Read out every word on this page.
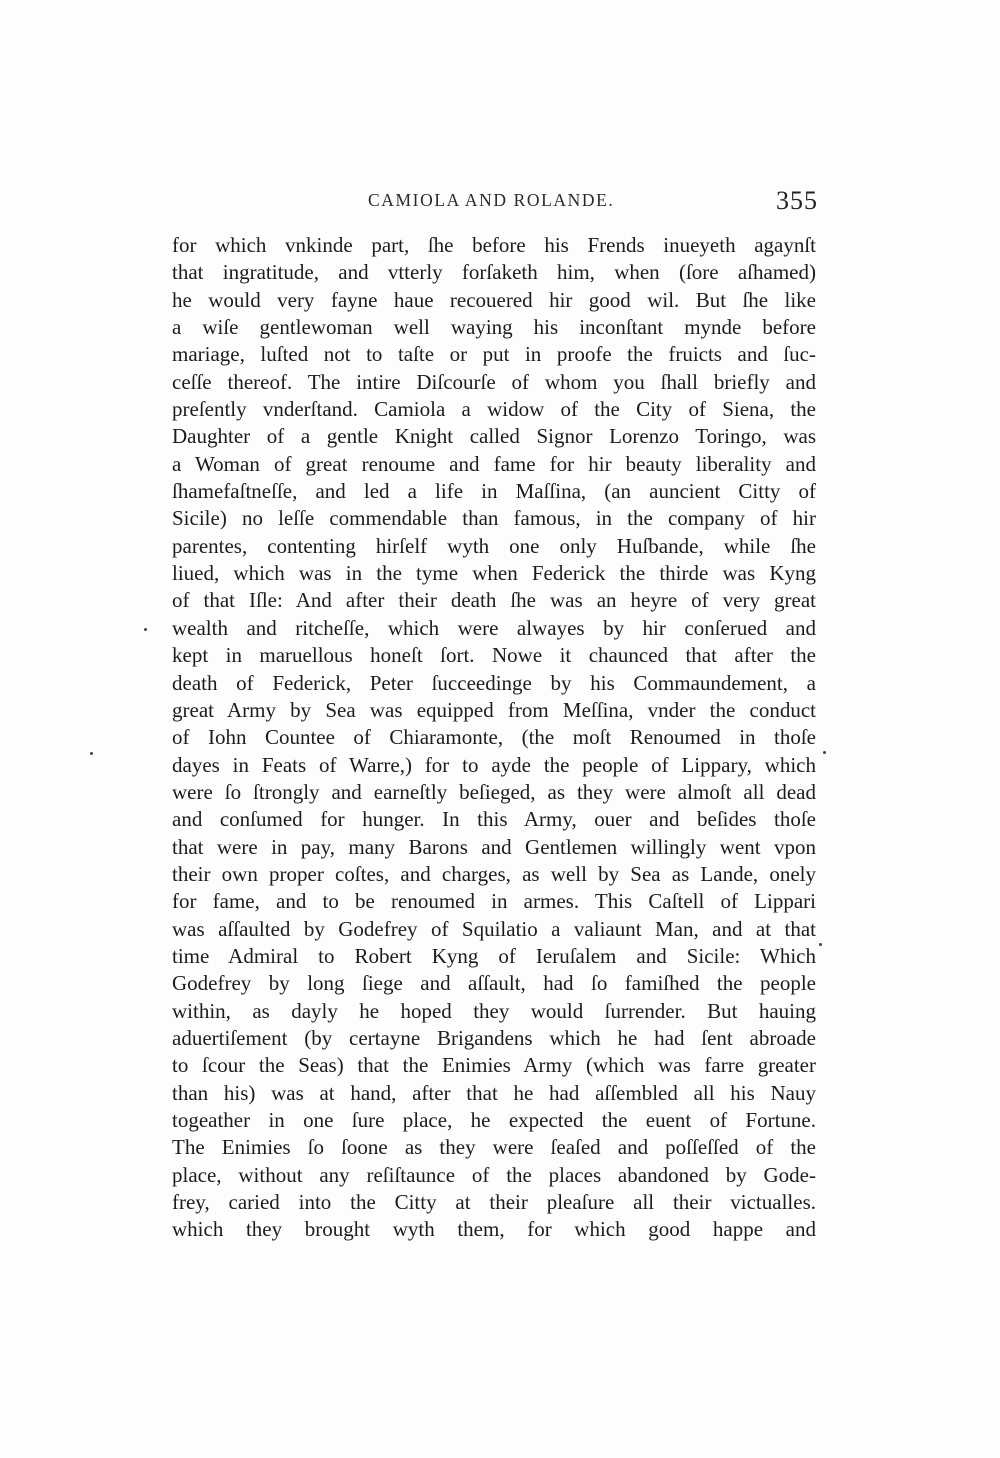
CAMIOLA AND ROLANDE.	355
for which vnkinde part, ſhe before his Frends inueyeth agaynſt
that ingratitude, and vtterly forſaketh him, when (ſore aſhamed)
he would very fayne haue recouered hir good wil. But ſhe like
a wiſe gentlewoman well waying his inconſtant mynde before
mariage, luſted not to taſte or put in proofe the fruicts and ſuc-
ceſſe thereof. The intire Diſcourſe of whom you ſhall briefly and
preſently vnderſtand. Camiola a widow of the City of Siena, the
Daughter of a gentle Knight called Signor Lorenzo Toringo, was
a Woman of great renoume and fame for hir beauty liberality and
ſhamefaſtneſſe, and led a life in Maſſina, (an auncient Citty of
Sicile) no leſſe commendable than famous, in the company of hir
parentes, contenting hirſelf wyth one only Huſbande, while ſhe
liued, which was in the tyme when Federick the thirde was Kyng
of that Iſle: And after their death ſhe was an heyre of very great
wealth and ritcheſſe, which were alwayes by hir conſerued and
kept in maruellous honeſt ſort. Nowe it chaunced that after the
death of Federick, Peter ſucceedinge by his Commaundement, a
great Army by Sea was equipped from Meſſina, vnder the conduct
of Iohn Countee of Chiaramonte, (the moſt Renoumed in thoſe
dayes in Feats of Warre,) for to ayde the people of Lippary, which
were ſo ſtrongly and earneſtly beſieged, as they were almoſt all dead
and conſumed for hunger. In this Army, ouer and beſides thoſe
that were in pay, many Barons and Gentlemen willingly went vpon
their own proper coſtes, and charges, as well by Sea as Lande, onely
for fame, and to be renoumed in armes. This Caſtell of Lippari
was aſſaulted by Godefrey of Squilatio a valiaunt Man, and at that
time Admiral to Robert Kyng of Ieruſalem and Sicile: Which
Godefrey by long ſiege and aſſault, had ſo famiſhed the people
within, as dayly he hoped they would ſurrender. But hauing
aduertiſement (by certayne Brigandens which he had ſent abroade
to ſcour the Seas) that the Enimies Army (which was farre greater
than his) was at hand, after that he had aſſembled all his Nauy
togeather in one ſure place, he expected the euent of Fortune.
The Enimies ſo ſoone as they were ſeaſed and poſſeſſed of the
place, without any reſiſtaunce of the places abandoned by Gode-
frey, caried into the Citty at their pleaſure all their victualles.
which they brought wyth them, for which good happe and
